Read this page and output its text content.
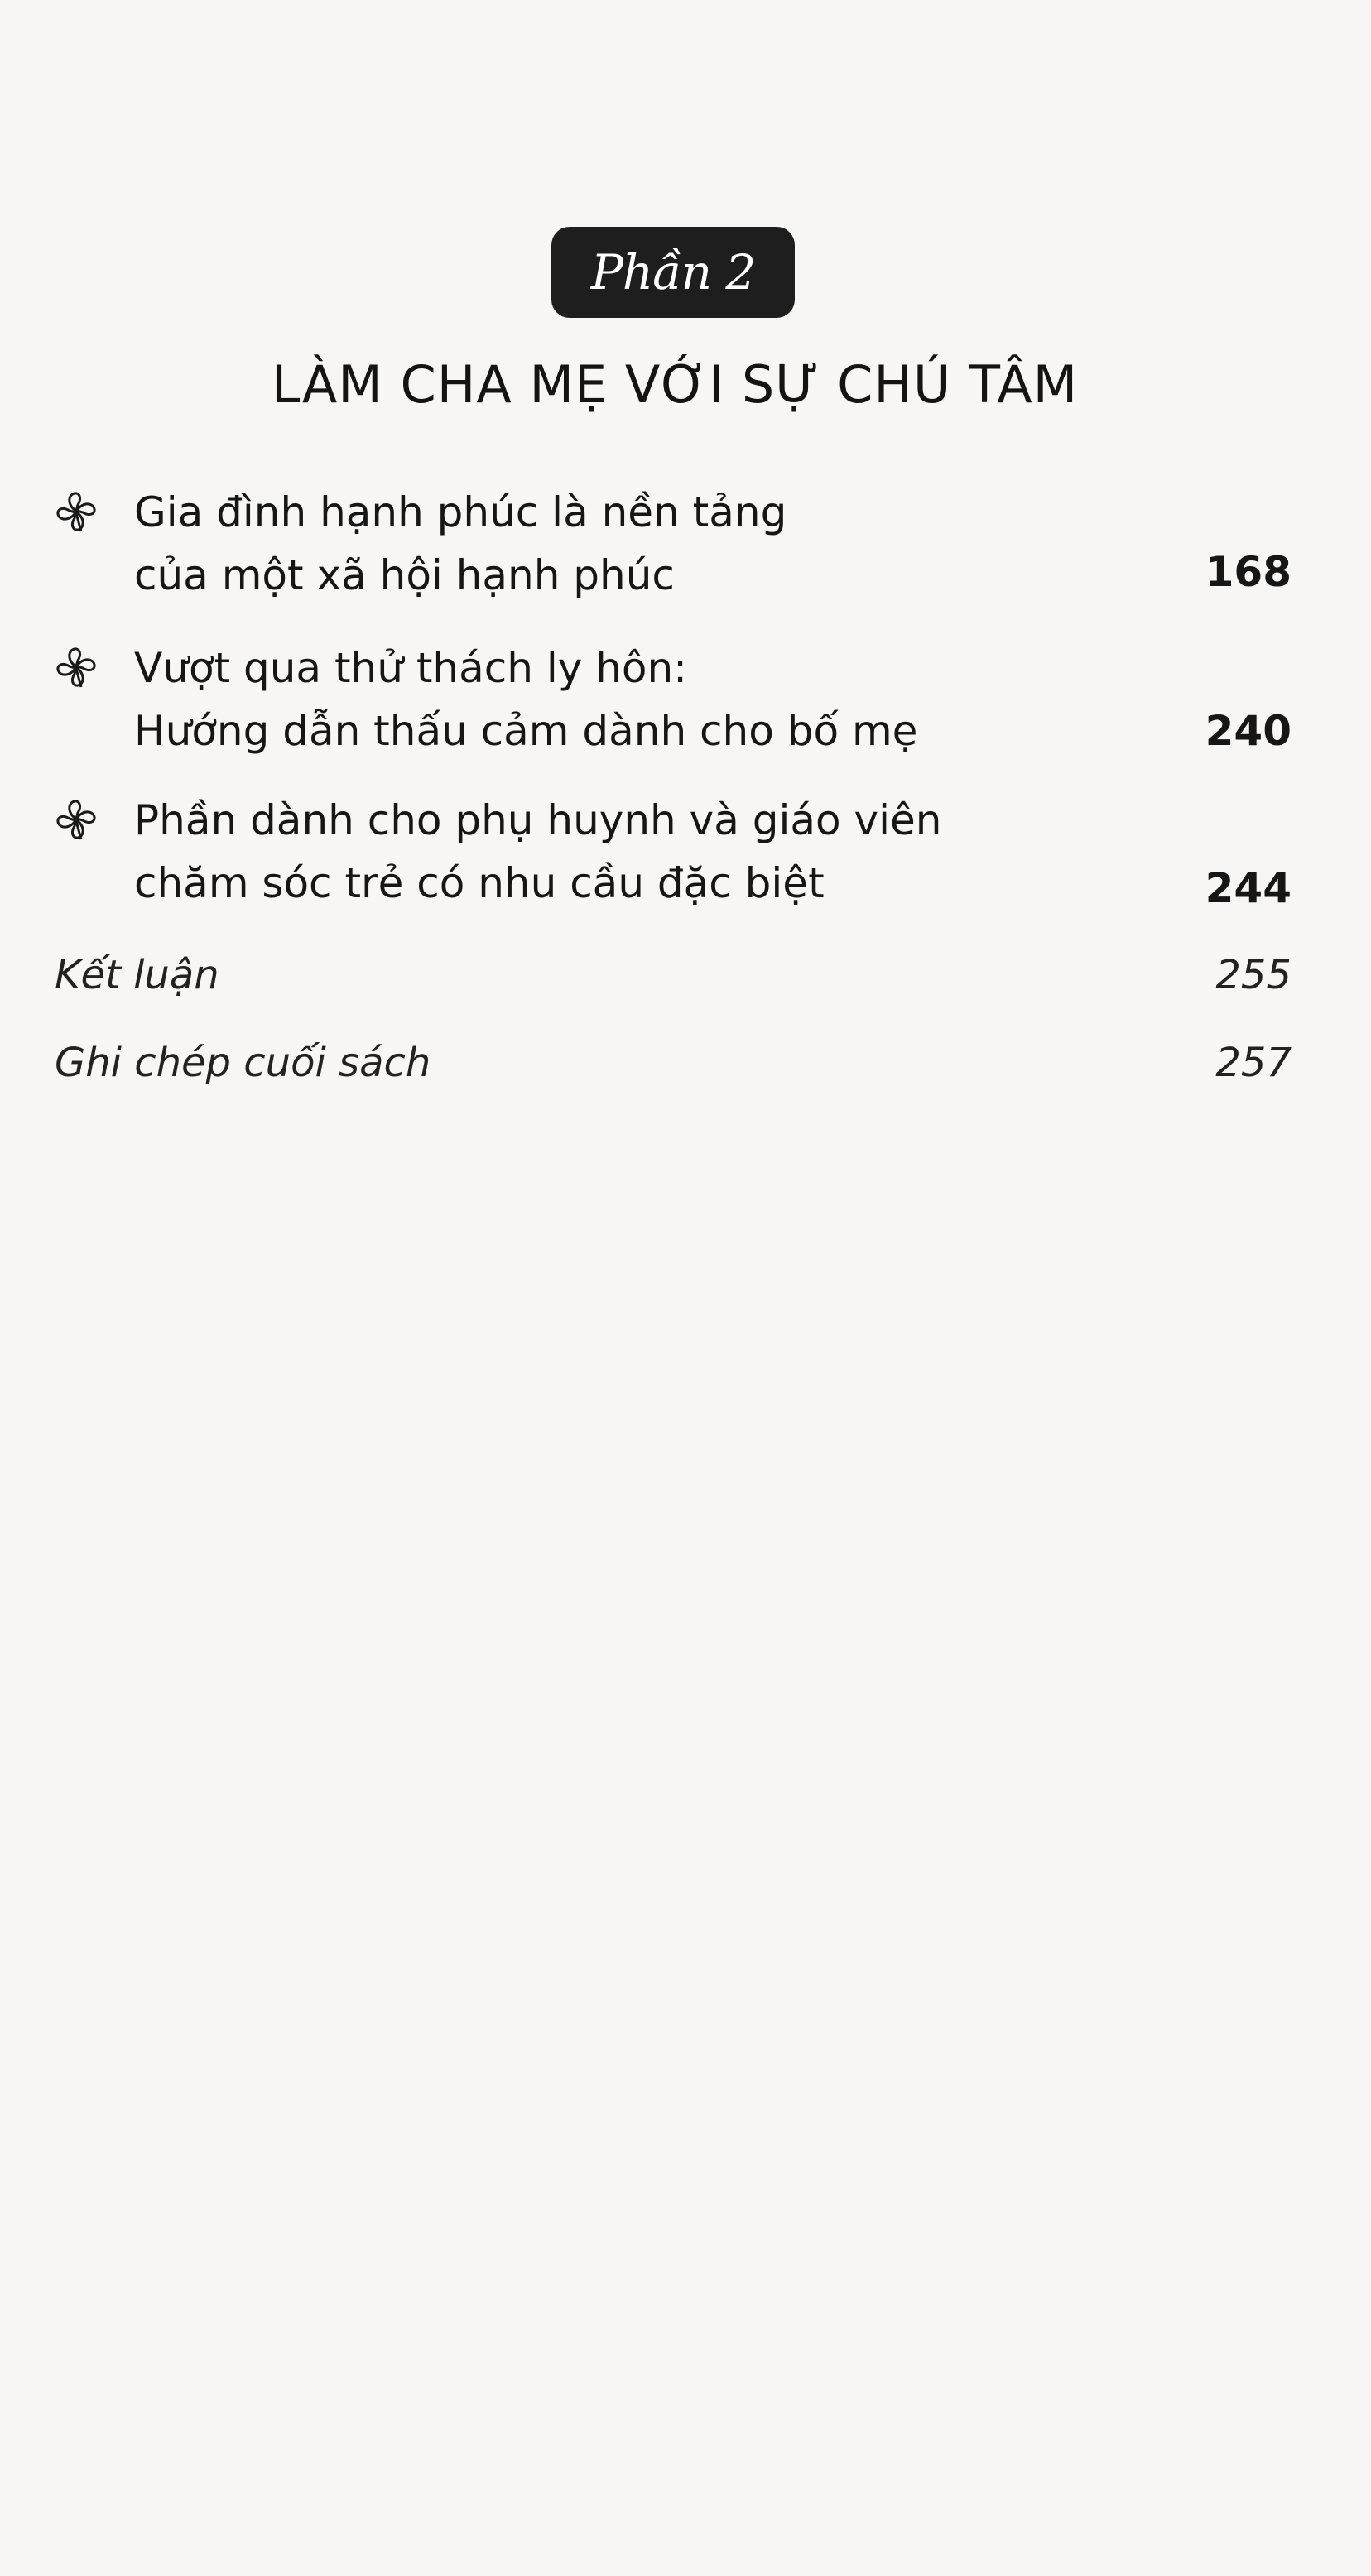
Phần 2
LÀM CHA MẸ VỚI SỰ CHÚ TÂM
Gia đình hạnh phúc là nền tảng
của một xã hội hạnh phúc	168
Vượt qua thử thách ly hôn:
Hướng dẫn thấu cảm dành cho bố mẹ	240
Phần dành cho phụ huynh và giáo viên
chăm sóc trẻ có nhu cầu đặc biệt	244
Kết luận	255
Ghi chép cuối sách	257
